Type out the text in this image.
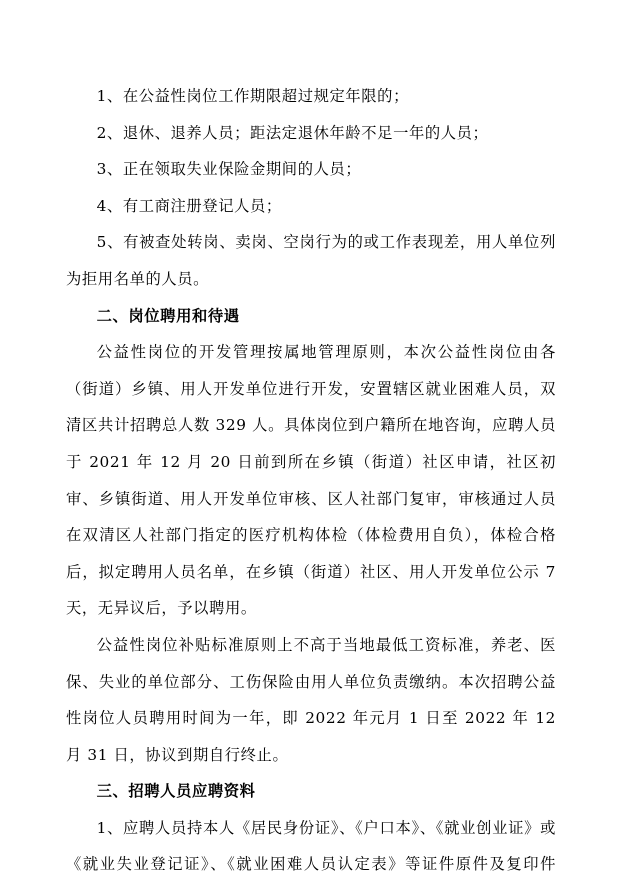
1、在公益性岗位工作期限超过规定年限的；

2、退休、退养人员；距法定退休年龄不足一年的人员；

3、正在领取失业保险金期间的人员；

4、有工商注册登记人员；

5、有被查处转岗、卖岗、空岗行为的或工作表现差，用人单位列为拒用名单的人员。

二、岗位聘用和待遇

公益性岗位的开发管理按属地管理原则，本次公益性岗位由各（街道）乡镇、用人开发单位进行开发，安置辖区就业困难人员，双清区共计招聘总人数 329 人。具体岗位到户籍所在地咨询，应聘人员于 2021 年 12 月 20 日前到所在乡镇（街道）社区申请，社区初审、乡镇街道、用人开发单位审核、区人社部门复审，审核通过人员在双清区人社部门指定的医疗机构体检（体检费用自负），体检合格后，拟定聘用人员名单，在乡镇（街道）社区、用人开发单位公示 7 天，无异议后，予以聘用。

公益性岗位补贴标准原则上不高于当地最低工资标准，养老、医保、失业的单位部分、工伤保险由用人单位负责缴纳。本次招聘公益性岗位人员聘用时间为一年，即 2022 年元月 1 日至 2022 年 12 月 31 日，协议到期自行终止。

三、招聘人员应聘资料

1、应聘人员持本人《居民身份证》、《户口本》、《就业创业证》或《就业失业登记证》、《就业困难人员认定表》等证件原件及复印件
